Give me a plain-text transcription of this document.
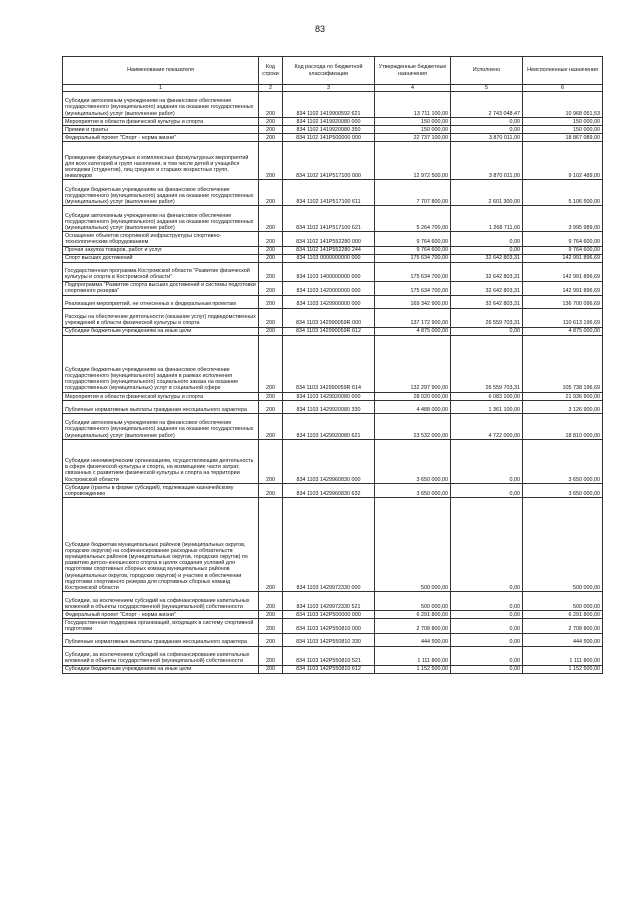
83
Наименование показателя	Код строки	Код расхода по бюджетной классификации	Утвержденные бюджетные назначения	Исполнено	Неисполненные назначения
1	2	3	4	5	6
Субсидии автономным учреждениям на финансовое обеспечение государственного (муниципального) задания на оказание государственных (муниципальных) услуг (выполнение работ)	200	834 1102 1419900592 621	13 711 100,00	2 743 048,47	10 968 051,53
Мероприятия в области физической культуры и спорта	200	834 1102 1419920080 000	150 000,00	0,00	150 000,00
Премии и гранты	200	834 1102 1419920080 350	150 000,00	0,00	150 000,00
Федеральный проект "Спорт - норма жизни"	200	834 1102 141P500000 000	22 737 100,00	3 870 011,00	18 867 089,00
Проведение физкультурных и комплексных физкультурных мероприятий для всех категорий и групп населения, в том числе детей и учащейся молодежи (студентов), лиц средних и старших возрастных групп, инвалидов	200	834 1102 141P517100 000	12 972 500,00	3 870 011,00	9 102 489,00
Субсидии бюджетным учреждениям на финансовое обеспечение государственного (муниципального) задания на оказание государственных (муниципальных) услуг (выполнение работ)	200	834 1102 141P517100 611	7 707 800,00	2 601 300,00	5 106 500,00
Субсидии автономным учреждениям на финансовое обеспечение государственного (муниципального) задания на оказание государственных (муниципальных) услуг (выполнение работ)	200	834 1102 141P517100 621	5 264 700,00	1 268 711,00	3 995 989,00
Оснащение объектов спортивной инфраструктуры спортивно-технологическим оборудованием	200	834 1102 141P552280 000	9 764 600,00	0,00	9 764 600,00
Прочая закупка товаров, работ и услуг	200	834 1102 141P552280 244	9 764 600,00	0,00	9 764 600,00
Спорт высших достижений	200	834 1103 0000000000 000	175 634 700,00	32 642 803,31	142 991 896,69
Государственная программа Костромской области "Развитие физической культуры и спорта в Костромской области"	200	834 1103 1400000000 000	175 634 700,00	32 642 803,31	142 991 896,69
Подпрограмма "Развитие спорта высших достижений и системы подготовки спортивного резерва"	200	834 1103 1420000000 000	175 634 700,00	32 642 803,31	142 991 896,69
Реализация мероприятий, не отнесенных к федеральным проектам	200	834 1103 1429900000 000	169 342 900,00	32 642 803,31	136 700 096,69
Расходы на обеспечение деятельности (оказание услуг) подведомственных учреждений в области физической культуры и спорта	200	834 1103 142990059R 000	137 172 900,00	26 559 703,31	110 613 196,69
Субсидии бюджетным учреждениям на иные цели	200	834 1103 142990059R 612	4 875 000,00	0,00	4 875 000,00
Субсидии бюджетным учреждениям на финансовое обеспечение государственного (муниципального) задания в рамках исполнения государственного (муниципального) социального заказа на оказание государственных (муниципальных) услуг в социальной сфере	200	834 1103 142990059R 614	132 297 900,00	26 559 703,31	105 738 196,69
Мероприятия в области физической культуры и спорта	200	834 1103 1429920080 000	28 020 000,00	6 083 100,00	21 936 900,00
Публичные нормативные выплаты гражданам несоциального характера	200	834 1103 1429920080 330	4 488 000,00	1 361 100,00	3 126 900,00
Субсидии автономным учреждениям на финансовое обеспечение государственного (муниципального) задания на оказание государственных (муниципальных) услуг (выполнение работ)	200	834 1103 1429920080 621	23 532 000,00	4 722 000,00	18 810 000,00
Субсидии некоммерческим организациям, осуществляющим деятельность в сфере физической культуры и спорта, на возмещение части затрат, связанных с развитием физической культуры и спорта на территории Костромской области	200	834 1103 1429960830 000	3 650 000,00	0,00	3 650 000,00
Субсидии (гранты в форме субсидий), подлежащие казначейскому сопровождению	200	834 1103 1429960830 632	3 650 000,00	0,00	3 650 000,00
Субсидии бюджетам муниципальных районов (муниципальных округов, городских округов) на софинансирование расходных обязательств муниципальных районов (муниципальных округов, городских округов) по развитию детско-юношеского спорта в целях создания условий для подготовки спортивных сборных команд муниципальных районов (муниципальных округов, городских округов) и участию в обеспечении подготовки спортивного резерва для спортивных сборных команд Костромской области	200	834 1103 1429972330 000	500 000,00	0,00	500 000,00
Субсидии, за исключением субсидий на софинансирование капитальных вложений в объекты государственной (муниципальной) собственности	200	834 1103 1429972330 521	500 000,00	0,00	500 000,00
Федеральный проект "Спорт - норма жизни"	200	834 1103 142P500000 000	6 291 800,00	0,00	6 291 800,00
Государственная поддержка организаций, входящих в систему спортивной подготовки	200	834 1103 142P550810 000	2 708 800,00	0,00	2 708 800,00
Публичные нормативные выплаты гражданам несоциального характера	200	834 1103 142P550810 330	444 500,00	0,00	444 500,00
Субсидии, за исключением субсидий на софинансирование капитальных вложений в объекты государственной (муниципальной) собственности	200	834 1103 142P550810 521	1 111 800,00	0,00	1 111 800,00
Субсидии бюджетным учреждениям на иные цели	200	834 1103 142P550810 612	1 152 500,00	0,00	1 152 500,00
